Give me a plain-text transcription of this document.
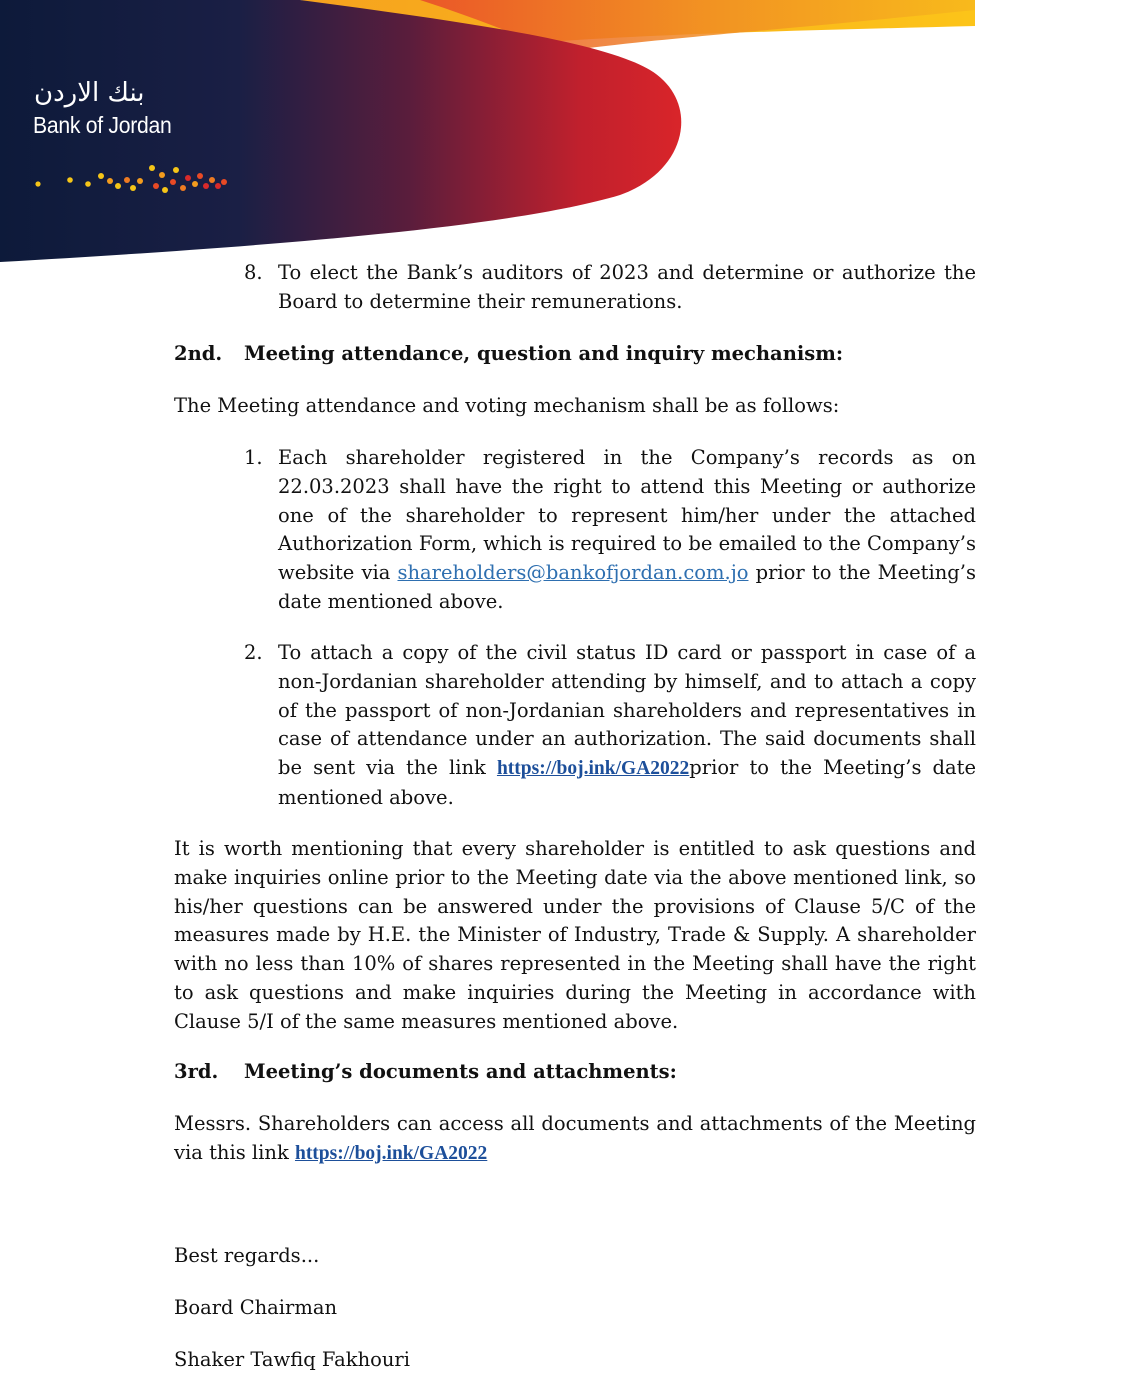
بنك الاردن
Bank of Jordan
8. To elect the Bank’s auditors of 2023 and determine or authorize the Board to determine their remunerations.

2nd. Meeting attendance, question and inquiry mechanism:
The Meeting attendance and voting mechanism shall be as follows:
1. Each shareholder registered in the Company’s records as on 22.03.2023 shall have the right to attend this Meeting or authorize one of the shareholder to represent him/her under the attached Authorization Form, which is required to be emailed to the Company’s website via shareholders@bankofjordan.com.jo prior to the Meeting’s date mentioned above.

2. To attach a copy of the civil status ID card or passport in case of a non-Jordanian shareholder attending by himself, and to attach a copy of the passport of non-Jordanian shareholders and representatives in case of attendance under an authorization. The said documents shall be sent via the link https://boj.ink/GA2022prior to the Meeting’s date mentioned above.

It is worth mentioning that every shareholder is entitled to ask questions and make inquiries online prior to the Meeting date via the above mentioned link, so his/her questions can be answered under the provisions of Clause 5/C of the measures made by H.E. the Minister of Industry, Trade & Supply. A shareholder with no less than 10% of shares represented in the Meeting shall have the right to ask questions and make inquiries during the Meeting in accordance with Clause 5/I of the same measures mentioned above.

3rd. Meeting’s documents and attachments:

Messrs. Shareholders can access all documents and attachments of the Meeting via this link https://boj.ink/GA2022

Best regards...
Board Chairman
Shaker Tawfiq Fakhouri
